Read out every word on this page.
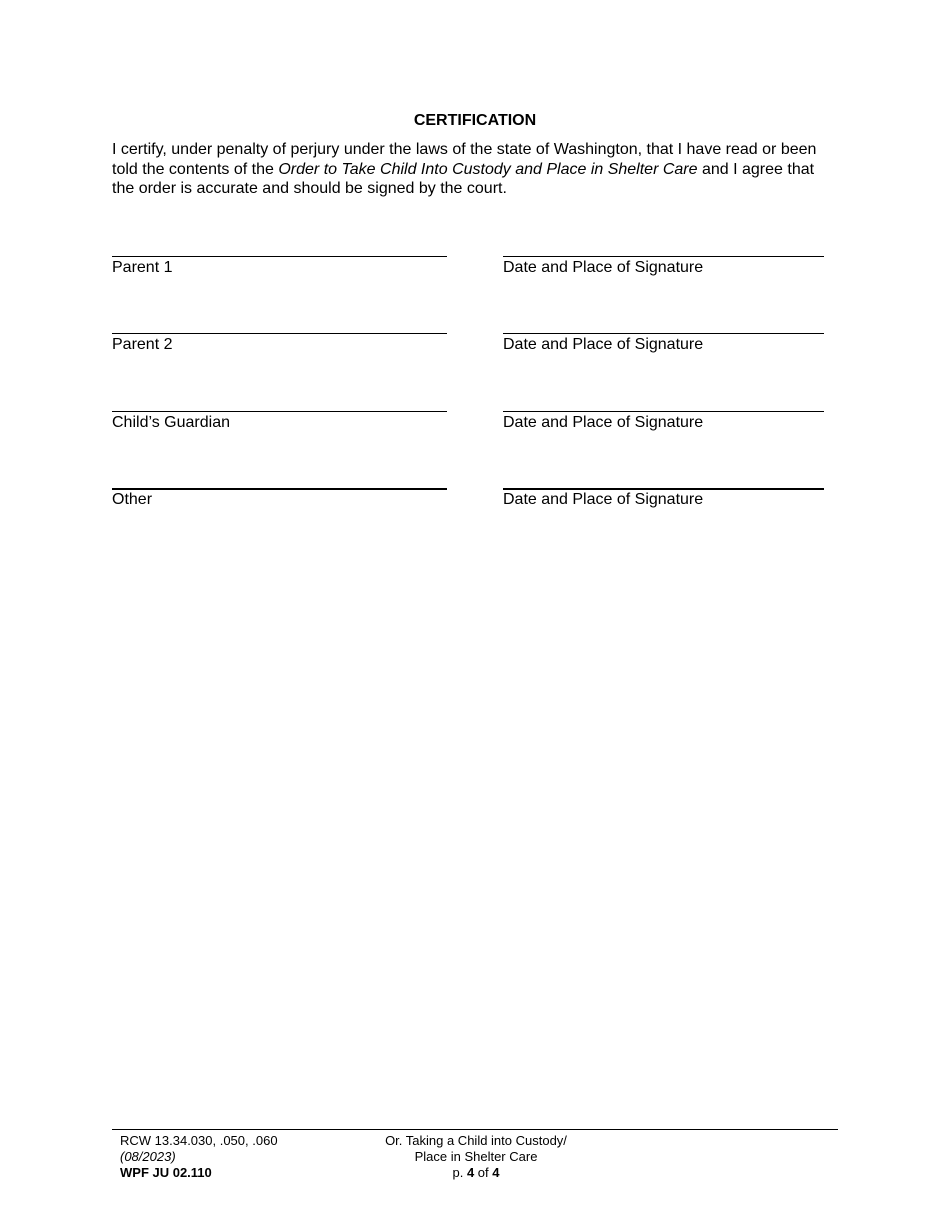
CERTIFICATION
I certify, under penalty of perjury under the laws of the state of Washington, that I have read or been told the contents of the Order to Take Child Into Custody and Place in Shelter Care and I agree that the order is accurate and should be signed by the court.
Parent 1	Date and Place of Signature
Parent 2	Date and Place of Signature
Child’s Guardian	Date and Place of Signature
Other	Date and Place of Signature
RCW 13.34.030, .050, .060
(08/2023)
WPF JU 02.110
Or. Taking a Child into Custody/
Place in Shelter Care
p. 4 of 4
